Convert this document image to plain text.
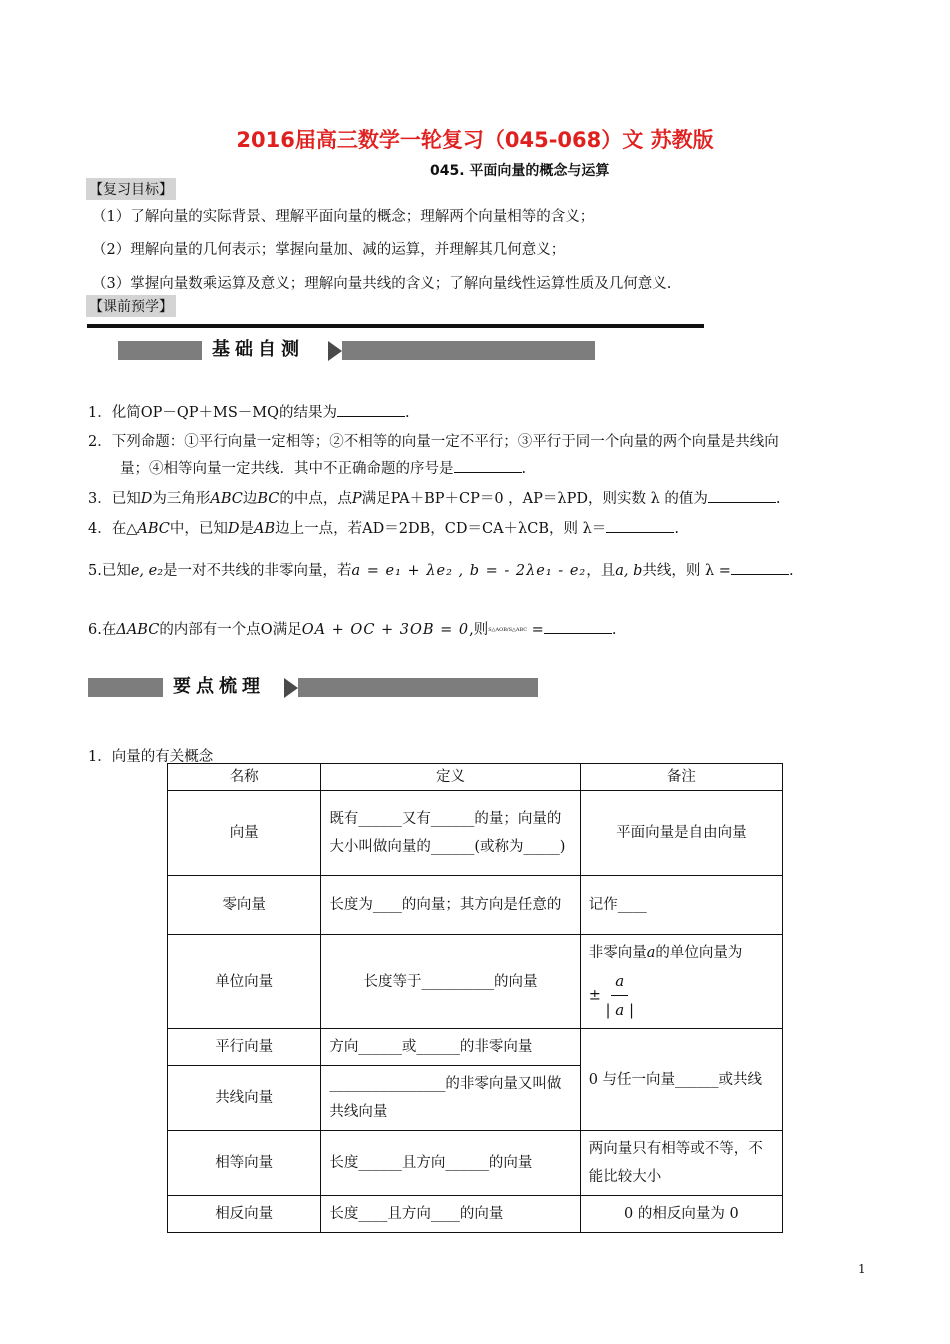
2016届高三数学一轮复习（045-068）文 苏教版
045. 平面向量的概念与运算
【复习目标】
（1）了解向量的实际背景、理解平面向量的概念；理解两个向量相等的含义；
（2）理解向量的几何表示；掌握向量加、减的运算，并理解其几何意义；
（3）掌握向量数乘运算及意义；理解向量共线的含义；了解向量线性运算性质及几何意义.
【课前预学】
基础自测
1．化简OP－QP＋MS－MQ的结果为	.
2．下列命题：①平行向量一定相等；②不相等的向量一定不平行；③平行于同一个向量的两个向量是共线向
量；④相等向量一定共线．其中不正确命题的序号是	.
3．已知D为三角形ABC边BC的中点，点P满足PA＋BP＋CP＝0 ，AP＝λPD，则实数 λ 的值为	.
4．在△ABC中，已知D是AB边上一点，若AD＝2DB，CD＝CA＋λCB，则 λ＝	.
5.已知e, e₂是一对不共线的非零向量，若a = e₁ + λe₂ , b = - 2λe₁ - e₂，且a, b共线，则 λ =	.
6.在ΔABC的内部有一个点O满足OA + OC + 3OB = 0,则S△AOB/S△ABC =	.
要点梳理
1．向量的有关概念
名称	定义	备注
向量	既有______又有______的量；向量的大小叫做向量的______(或称为_____)	平面向量是自由向量
零向量	长度为____的向量；其方向是任意的	记作____
单位向量	长度等于__________的向量	非零向量a的单位向量为
± $\frac{a}{| a |}$

平行向量	方向______或______的非零向量	0 与任一向量______或共线
共线向量	________________的非零向量又叫做共线向量	
相等向量	长度______且方向______的向量	两向量只有相等或不等，不能比较大小
相反向量	长度____且方向____的向量	0 的相反向量为 0
1
